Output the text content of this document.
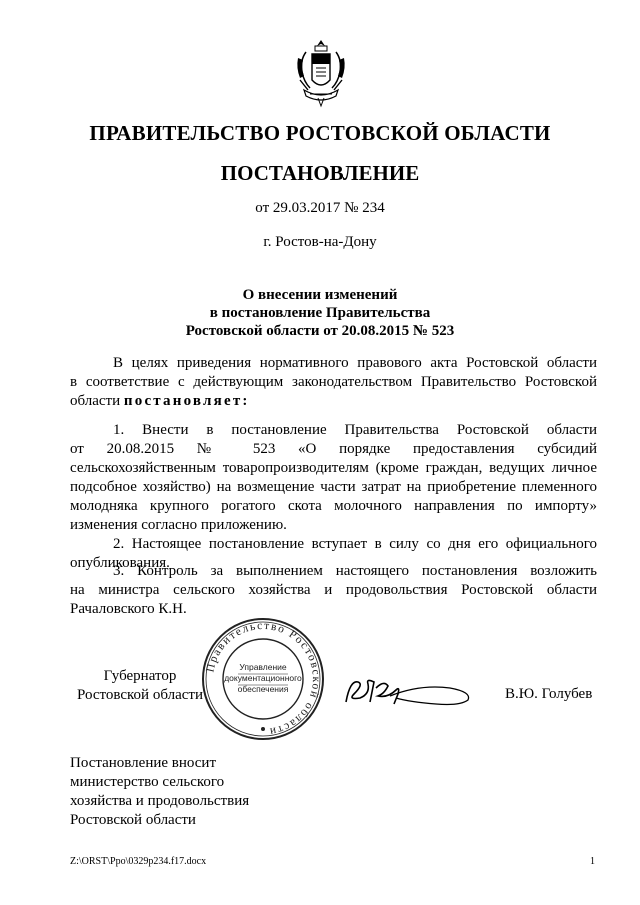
ПРАВИТЕЛЬСТВО РОСТОВСКОЙ ОБЛАСТИ
ПОСТАНОВЛЕНИЕ
от 29.03.2017 № 234
г. Ростов-на-Дону
О внесении изменений
в постановление Правительства
Ростовской области от 20.08.2015 № 523
В целях приведения нормативного правового акта Ростовской области
в соответствие с действующим законодательством Правительство Ростовской
области постановляет:
1. Внести в постановление Правительства Ростовской области
от 20.08.2015 № 523 «О порядке предоставления субсидий
сельскохозяйственным товаропроизводителям (кроме граждан, ведущих личное
подсобное хозяйство) на возмещение части затрат на приобретение племенного
молодняка крупного рогатого скота молочного направления по импорту»
изменения согласно приложению.
2. Настоящее постановление вступает в силу со дня его официального
опубликования.
3. Контроль за выполнением настоящего постановления возложить
на министра сельского хозяйства и продовольствия Ростовской области
Рачаловского К.Н.
Губернатор
Ростовской области	В.Ю. Голубев
Правительство Ростовской области
Управление
документационного
обеспечения
Постановление вносит
министерство сельского
хозяйства и продовольствия
Ростовской области
Z:\ORST\Ppo\0329p234.f17.docx	1
